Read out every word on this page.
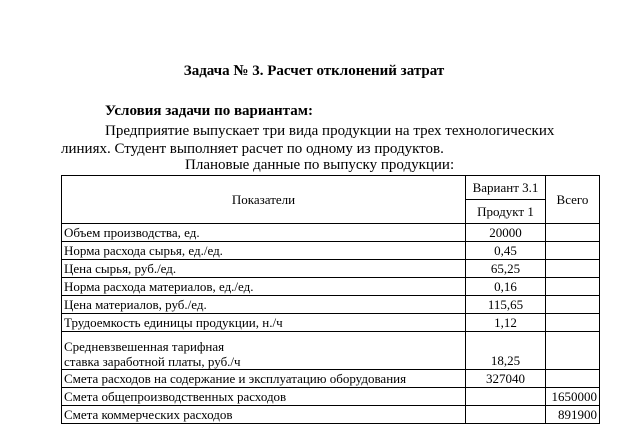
Задача № 3. Расчет отклонений затрат
Условия задачи по вариантам:

Предприятие выпускает три вида продукции на трех технологических
линиях. Студент выполняет расчет по одному из продуктов.

Плановые данные по выпуску продукции:
Показатели	Вариант 3.1	Всего
	Продукт 1	
Объем производства, ед.	20000	
Норма расхода сырья, ед./ед.	0,45	
Цена сырья, руб./ед.	65,25	
Норма расхода материалов, ед./ед.	0,16	
Цена материалов, руб./ед.	115,65	
Трудоемкость единицы продукции, н./ч	1,12	

Средневзвешенная тарифная
ставка заработной платы, руб./ч	18,25	
Смета расходов на содержание и эксплуатацию оборудования	327040	
Смета общепроизводственных расходов		1650000
Смета коммерческих расходов		891900
